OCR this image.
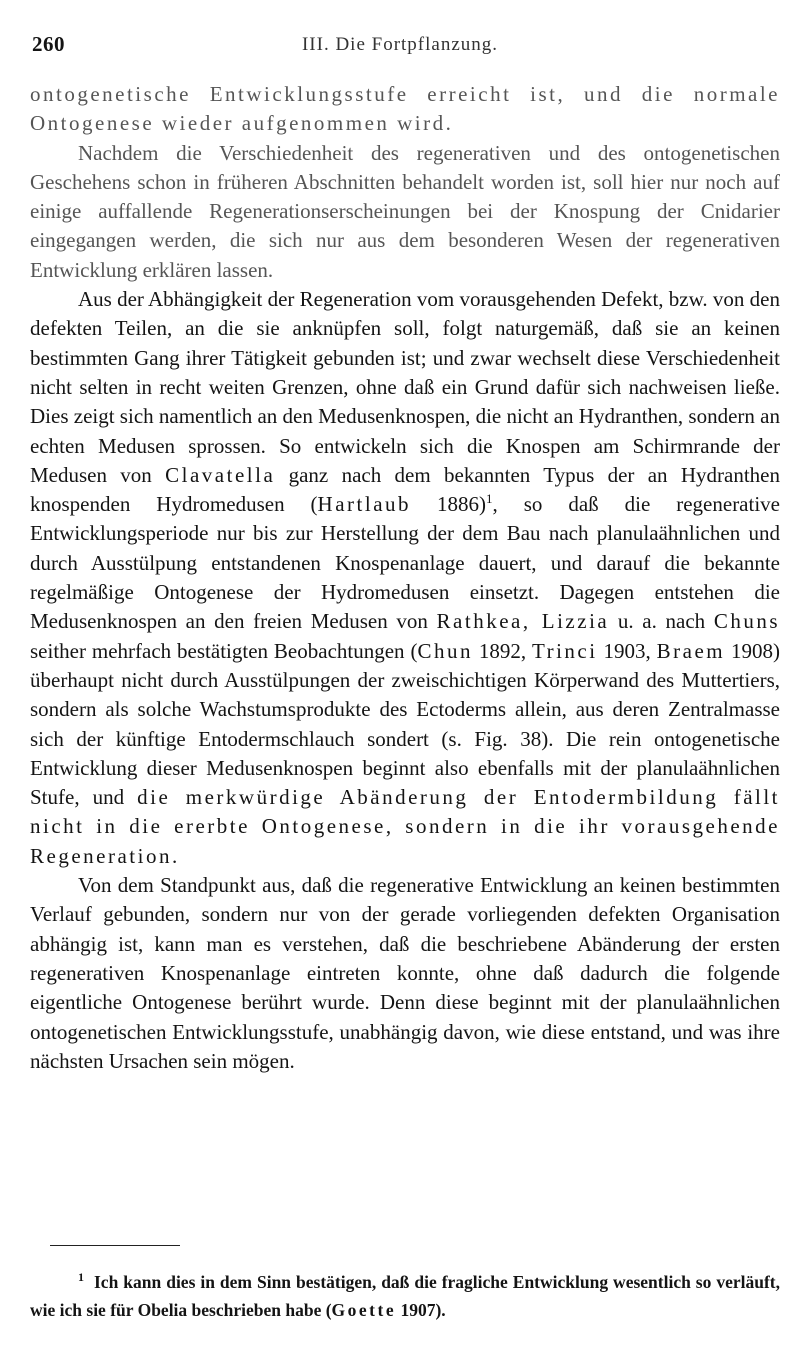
260	III. Die Fortpflanzung.

ontogenetische Entwicklungsstufe erreicht ist, und die normale Ontogenese wieder aufgenommen wird.

Nachdem die Verschiedenheit des regenerativen und des ontogenetischen Geschehens schon in früheren Abschnitten behandelt worden ist, soll hier nur noch auf einige auffallende Regenerationserscheinungen bei der Knospung der Cnidarier eingegangen werden, die sich nur aus dem besonderen Wesen der regenerativen Entwicklung erklären lassen.

Aus der Abhängigkeit der Regeneration vom vorausgehenden Defekt, bzw. von den defekten Teilen, an die sie anknüpfen soll, folgt naturgemäß, daß sie an keinen bestimmten Gang ihrer Tätigkeit gebunden ist; und zwar wechselt diese Verschiedenheit nicht selten in recht weiten Grenzen, ohne daß ein Grund dafür sich nachweisen ließe. Dies zeigt sich namentlich an den Medusenknospen, die nicht an Hydranthen, sondern an echten Medusen sprossen. So entwickeln sich die Knospen am Schirmrande der Medusen von Clavatella ganz nach dem bekannten Typus der an Hydranthen knospenden Hydromedusen (Hartlaub 1886)$^1$, so daß die regenerative Entwicklungsperiode nur bis zur Herstellung der dem Bau nach planulaähnlichen und durch Ausstülpung entstandenen Knospenanlage dauert, und darauf die bekannte regelmäßige Ontogenese der Hydromedusen einsetzt. Dagegen entstehen die Medusenknospen an den freien Medusen von Rathkea, Lizzia u. a. nach Chuns seither mehrfach bestätigten Beobachtungen (Chun 1892, Trinci 1903, Braem 1908) überhaupt nicht durch Ausstülpungen der zweischichtigen Körperwand des Muttertiers, sondern als solche Wachstumsprodukte des Ectoderms allein, aus deren Zentralmasse sich der künftige Entodermschlauch sondert (s. Fig. 38). Die rein ontogenetische Entwicklung dieser Medusenknospen beginnt also ebenfalls mit der planulaähnlichen Stufe, und die merkwürdige Abänderung der Entodermbildung fällt nicht in die ererbte Ontogenese, sondern in die ihr vorausgehende Regeneration.

Von dem Standpunkt aus, daß die regenerative Entwicklung an keinen bestimmten Verlauf gebunden, sondern nur von der gerade vorliegenden defekten Organisation abhängig ist, kann man es verstehen, daß die beschriebene Abänderung der ersten regenerativen Knospenanlage eintreten konnte, ohne daß dadurch die folgende eigentliche Ontogenese berührt wurde. Denn diese beginnt mit der planulaähnlichen ontogenetischen Entwicklungsstufe, unabhängig davon, wie diese entstand, und was ihre nächsten Ursachen sein mögen.

$^1$ Ich kann dies in dem Sinn bestätigen, daß die fragliche Entwicklung wesentlich so verläuft, wie ich sie für Obelia beschrieben habe (Goette 1907).
